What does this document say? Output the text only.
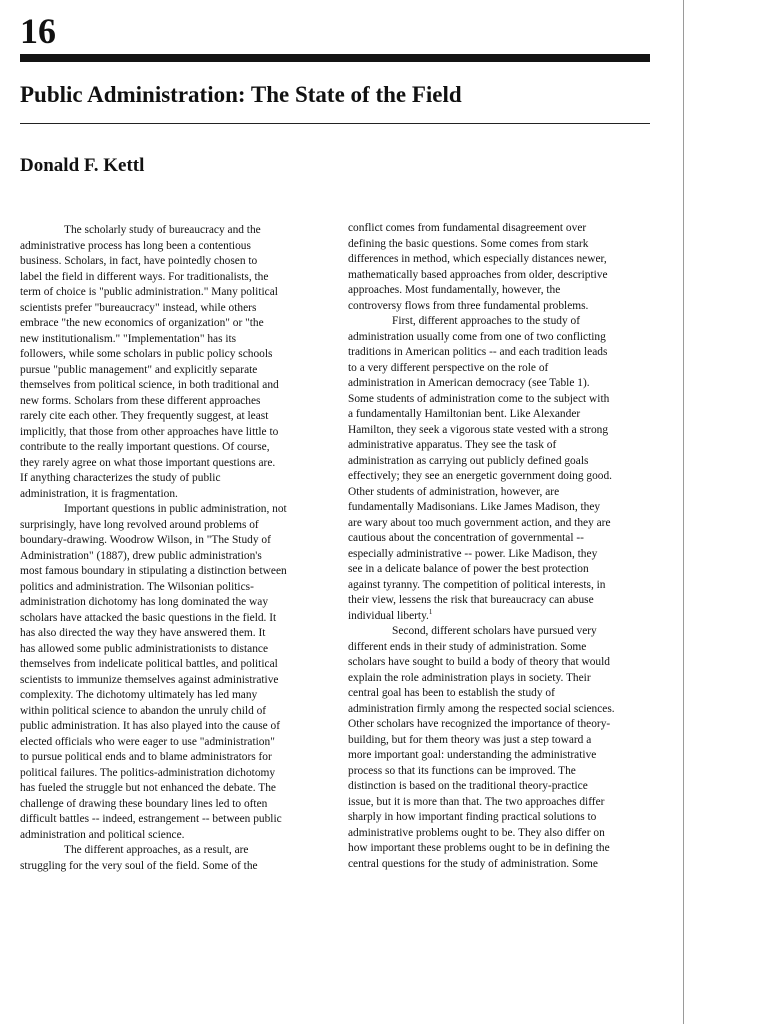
16
Public Administration: The State of the Field
Donald F. Kettl
The scholarly study of bureaucracy and the
administrative process has long been a contentious
business. Scholars, in fact, have pointedly chosen to
label the field in different ways. For traditionalists, the
term of choice is "public administration." Many political
scientists prefer "bureaucracy" instead, while others
embrace "the new economics of organization" or "the
new institutionalism." "Implementation" has its
followers, while some scholars in public policy schools
pursue "public management" and explicitly separate
themselves from political science, in both traditional and
new forms. Scholars from these different approaches
rarely cite each other. They frequently suggest, at least
implicitly, that those from other approaches have little to
contribute to the really important questions. Of course,
they rarely agree on what those important questions are.
If anything characterizes the study of public
administration, it is fragmentation.
Important questions in public administration, not
surprisingly, have long revolved around problems of
boundary-drawing. Woodrow Wilson, in "The Study of
Administration" (1887), drew public administration's
most famous boundary in stipulating a distinction between
politics and administration. The Wilsonian politics-
administration dichotomy has long dominated the way
scholars have attacked the basic questions in the field. It
has also directed the way they have answered them. It
has allowed some public administrationists to distance
themselves from indelicate political battles, and political
scientists to immunize themselves against administrative
complexity. The dichotomy ultimately has led many
within political science to abandon the unruly child of
public administration. It has also played into the cause of
elected officials who were eager to use "administration"
to pursue political ends and to blame administrators for
political failures. The politics-administration dichotomy
has fueled the struggle but not enhanced the debate. The
challenge of drawing these boundary lines led to often
difficult battles -- indeed, estrangement -- between public
administration and political science.
The different approaches, as a result, are
struggling for the very soul of the field. Some of the
conflict comes from fundamental disagreement over
defining the basic questions. Some comes from stark
differences in method, which especially distances newer,
mathematically based approaches from older, descriptive
approaches. Most fundamentally, however, the
controversy flows from three fundamental problems.
First, different approaches to the study of
administration usually come from one of two conflicting
traditions in American politics -- and each tradition leads
to a very different perspective on the role of
administration in American democracy (see Table 1).
Some students of administration come to the subject with
a fundamentally Hamiltonian bent. Like Alexander
Hamilton, they seek a vigorous state vested with a strong
administrative apparatus. They see the task of
administration as carrying out publicly defined goals
effectively; they see an energetic government doing good.
Other students of administration, however, are
fundamentally Madisonians. Like James Madison, they
are wary about too much government action, and they are
cautious about the concentration of governmental --
especially administrative -- power. Like Madison, they
see in a delicate balance of power the best protection
against tyranny. The competition of political interests, in
their view, lessens the risk that bureaucracy can abuse
individual liberty.$^1$
Second, different scholars have pursued very
different ends in their study of administration. Some
scholars have sought to build a body of theory that would
explain the role administration plays in society. Their
central goal has been to establish the study of
administration firmly among the respected social sciences.
Other scholars have recognized the importance of theory-
building, but for them theory was just a step toward a
more important goal: understanding the administrative
process so that its functions can be improved. The
distinction is based on the traditional theory-practice
issue, but it is more than that. The two approaches differ
sharply in how important finding practical solutions to
administrative problems ought to be. They also differ on
how important these problems ought to be in defining the
central questions for the study of administration. Some
